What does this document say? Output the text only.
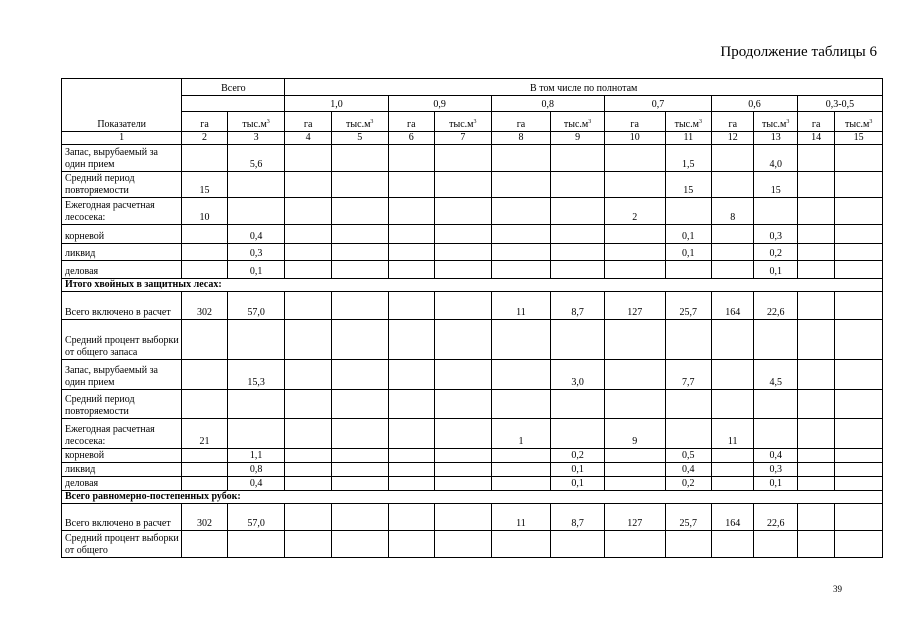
Продолжение таблицы 6
Показатели	Всего		В том числе по полнотам											
			1,0		0,9		0,8		0,7		0,6		0,3-0,5	
	га	$тыс.м^3$	га	$тыс.м^3$	га	$тыс.м^3$	га	$тыс.м^3$	га	$тыс.м^3$	га	$тыс.м^3$	га	$тыс.м^3$
1	2	3	4	5	6	7	8	9	10	11	12	13	14	15
Запас, вырубаемый за один прием		5,6								1,5		4,0		
Средний период повторяемости	15									15		15		
Ежегодная расчетная лесосека:	10								2		8			
корневой		0,4								0,1		0,3		
ликвид		0,3								0,1		0,2		
деловая		0,1										0,1		
Итого хвойных в защитных лесах:														
Всего включено в расчет	302	57,0					11	8,7	127	25,7	164	22,6		
Средний процент выборки от общего запаса														
Запас, вырубаемый за один прием		15,3						3,0		7,7		4,5		
Средний период повторяемости														
Ежегодная расчетная лесосека:	21						1		9		11			
корневой		1,1						0,2		0,5		0,4		
ликвид		0,8						0,1		0,4		0,3		
деловая		0,4						0,1		0,2		0,1		
Всего равномерно-постепенных рубок:														
Всего включено в расчет	302	57,0					11	8,7	127	25,7	164	22,6		
Средний процент выборки от общего														
39
